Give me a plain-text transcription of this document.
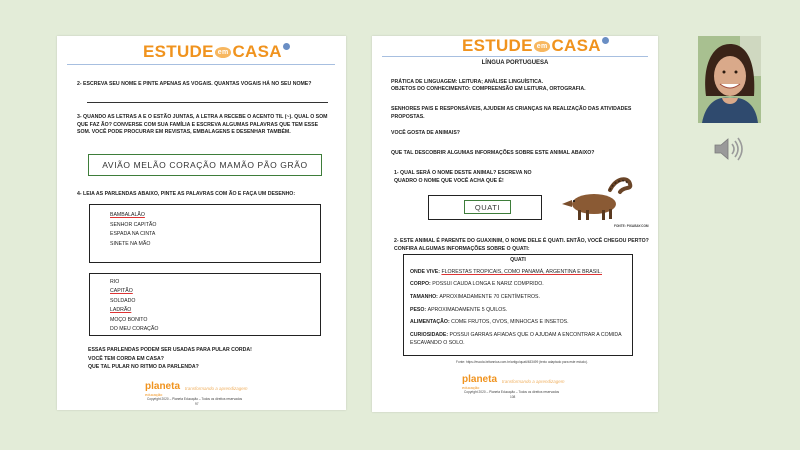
ESTUDE em CASA
2- ESCREVA SEU NOME E PINTE APENAS AS VOGAIS. QUANTAS VOGAIS HÁ NO SEU NOME?
3- QUANDO AS LETRAS A E O ESTÃO JUNTAS, A LETRA A RECEBE O ACENTO TIL (~). QUAL O SOM QUE FAZ ÃO? CONVERSE COM SUA FAMÍLIA E ESCREVA ALGUMAS PALAVRAS QUE TEM ESSE SOM. VOCÊ PODE PROCURAR EM REVISTAS, EMBALAGENS E DESENHAR TAMBÉM.
AVIÃO MELÃO CORAÇÃO MAMÃO PÃO GRÃO
4- LEIA AS PARLENDAS ABAIXO, PINTE AS PALAVRAS COM ÃO E FAÇA UM DESENHO:
BAMBALALÃO
SENHOR CAPITÃO
ESPADA NA CINTA
SINETE NA MÃO
RIO
CAPITÃO
SOLDADO
LADRÃO
MOÇO BONITO
DO MEU CORAÇÃO
ESSAS PARLENDAS PODEM SER USADAS PARA PULAR CORDA!
VOCÊ TEM CORDA EM CASA?
QUE TAL PULAR NO RITMO DA PARLENDA?
planeta
educação
transformando a aprendizagem
Copyright 2020 – Planeta Educação – Todos os direitos reservados
97
ESTUDE em CASA
LÍNGUA PORTUGUESA
PRÁTICA DE LINGUAGEM: LEITURA; ANÁLISE LINGUÍSTICA.
OBJETOS DO CONHECIMENTO: COMPREENSÃO EM LEITURA, ORTOGRAFIA.
SENHORES PAIS E RESPONSÁVEIS, AJUDEM AS CRIANÇAS NA REALIZAÇÃO DAS ATIVIDADES PROPOSTAS.
VOCÊ GOSTA DE ANIMAIS?
QUE TAL DESCOBRIR ALGUMAS INFORMAÇÕES SOBRE ESTE ANIMAL ABAIXO?
1- QUAL SERÁ O NOME DESTE ANIMAL? ESCREVA NO QUADRO O NOME QUE VOCÊ ACHA QUE É!
QUATI
FONTE: PIXABAY.COM
2- ESTE ANIMAL É PARENTE DO GUAXINIM, O NOME DELE É QUATI. ENTÃO, VOCÊ CHEGOU PERTO? CONFIRA ALGUMAS INFORMAÇÕES SOBRE O QUATI:
QUATI
ONDE VIVE: FLORESTAS TROPICAIS, COMO PANAMÁ, ARGENTINA E BRASIL.
CORPO: POSSUI CAUDA LONGA E NARIZ COMPRIDO.
TAMANHO: APROXIMADAMENTE 70 CENTÍMETROS.
PESO: APROXIMADAMENTE 5 QUILOS.
ALIMENTAÇÃO: COME FRUTOS, OVOS, MINHOCAS E INSETOS.
CURIOSIDADE: POSSUI GARRAS AFIADAS QUE O AJUDAM A ENCONTRAR A COMIDA ESCAVANDO O SOLO.
Fonte: https://escola.britannica.com.br/artigo/quati/483499 (texto adaptado para este estudo).
planeta
educação
transformando a aprendizagem
Copyright 2020 – Planeta Educação – Todos os direitos reservados
108
